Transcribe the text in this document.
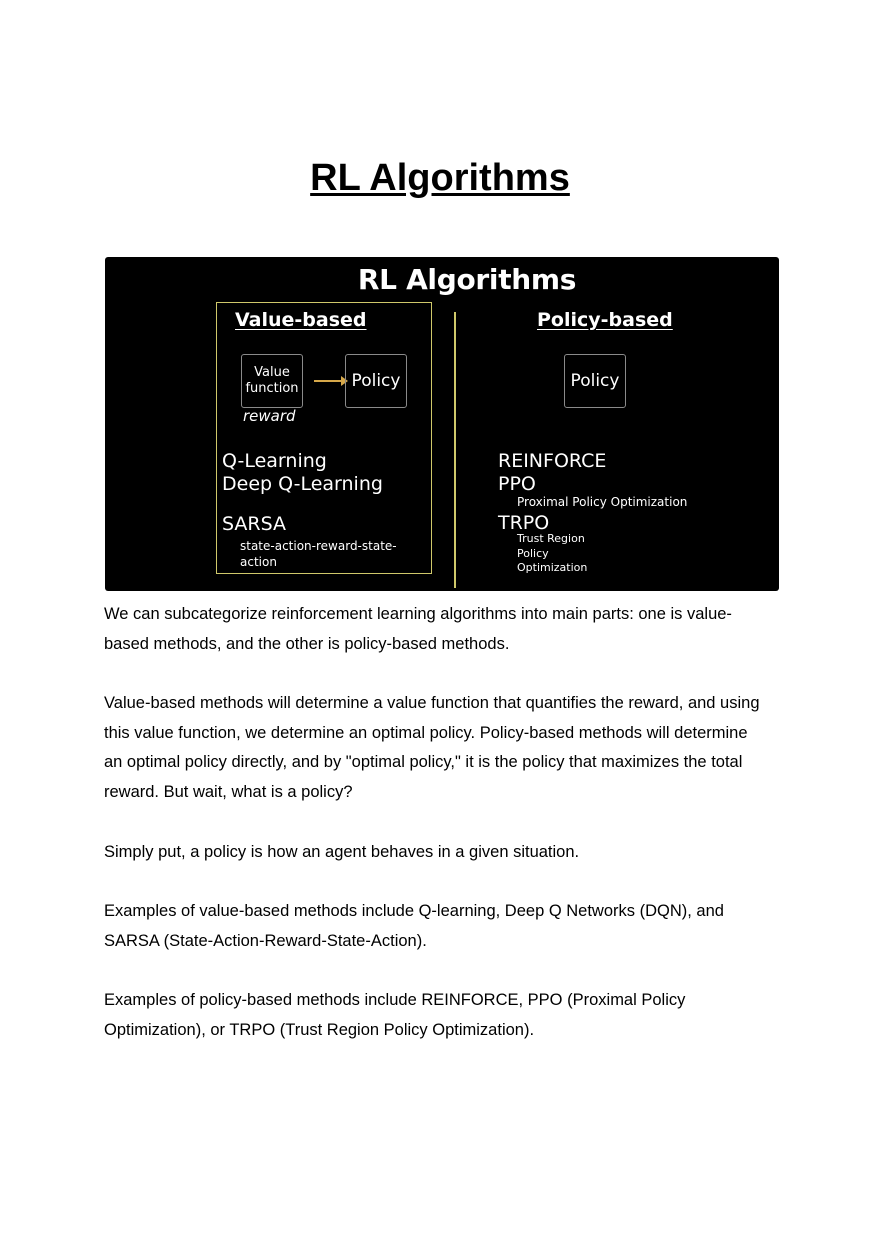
RL Algorithms
RL Algorithms
Value-based	Policy-based
Value function	Policy
reward
Policy
Q-Learning
Deep Q-Learning
SARSA
state-action-reward-state-action
REINFORCE
PPO
Proximal Policy Optimization
TRPO
Trust Region
Policy
Optimization

We can subcategorize reinforcement learning algorithms into main parts: one is value-based methods, and the other is policy-based methods.

Value-based methods will determine a value function that quantifies the reward, and using this value function, we determine an optimal policy. Policy-based methods will determine an optimal policy directly, and by "optimal policy," it is the policy that maximizes the total reward. But wait, what is a policy?

Simply put, a policy is how an agent behaves in a given situation.

Examples of value-based methods include Q-learning, Deep Q Networks (DQN), and SARSA (State-Action-Reward-State-Action).

Examples of policy-based methods include REINFORCE, PPO (Proximal Policy Optimization), or TRPO (Trust Region Policy Optimization).
